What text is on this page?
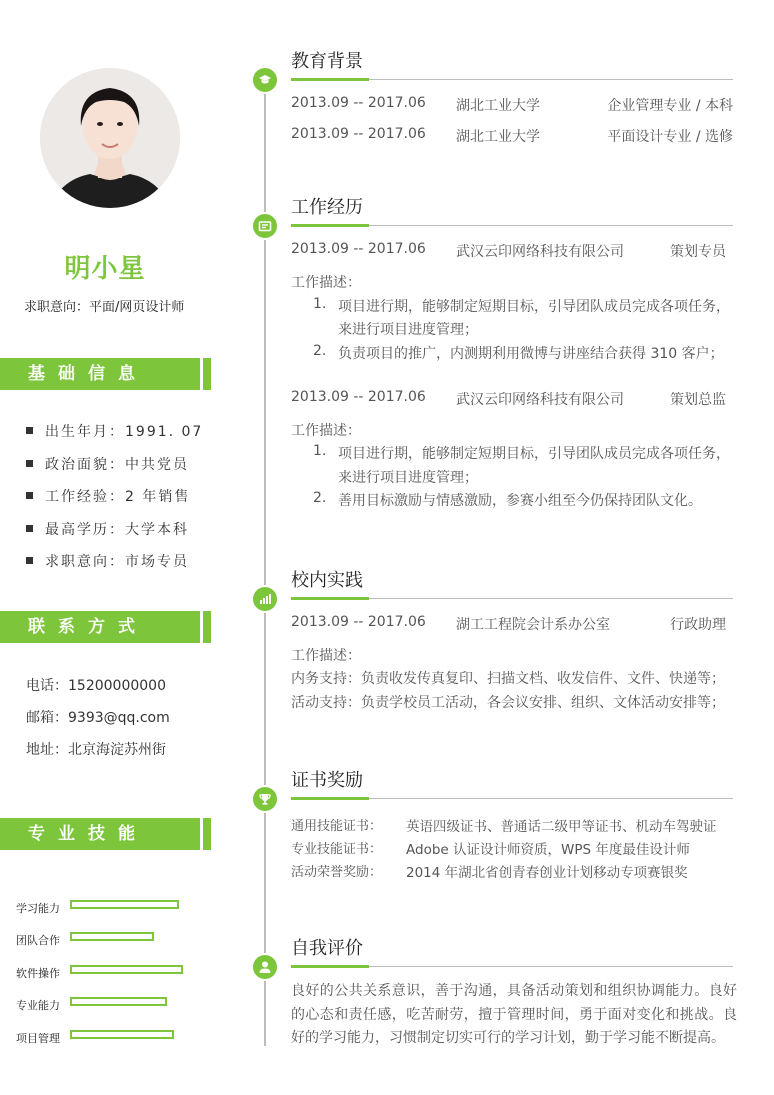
明小星
求职意向：平面/网页设计师
基础信息
出生年月：1991. 07
政治面貌：中共党员
工作经验：2 年销售
最高学历：大学本科
求职意向：市场专员
联系方式
电话：15200000000
邮箱：9393@qq.com
地址：北京海淀苏州街
专业技能
学习能力
团队合作
软件操作
专业能力
项目管理
教育背景
2013.09 -- 2017.06 湖北工业大学	企业管理专业 / 本科
2013.09 -- 2017.06 湖北工业大学	平面设计专业 / 选修
工作经历
2013.09 -- 2017.06 武汉云印网络科技有限公司	策划专员
工作描述：
1. 项目进行期，能够制定短期目标，引导团队成员完成各项任务，
来进行项目进度管理；
2. 负责项目的推广，内测期利用微博与讲座结合获得 310 客户；
2013.09 -- 2017.06 武汉云印网络科技有限公司	策划总监
工作描述：
1. 项目进行期，能够制定短期目标，引导团队成员完成各项任务，
来进行项目进度管理；
2. 善用目标激励与情感激励，参赛小组至今仍保持团队文化。
校内实践
2013.09 -- 2017.06 湖工工程院会计系办公室	行政助理
工作描述：
内务支持：负责收发传真复印、扫描文档、收发信件、文件、快递等；
活动支持：负责学校员工活动，各会议安排、组织、文体活动安排等；
证书奖励
通用技能证书： 英语四级证书、普通话二级甲等证书、机动车驾驶证
专业技能证书： Adobe 认证设计师资质，WPS 年度最佳设计师
活动荣誉奖励： 2014 年湖北省创青春创业计划移动专项赛银奖
自我评价
良好的公共关系意识，善于沟通，具备活动策划和组织协调能力。良好的心态和责任感，吃苦耐劳，擅于管理时间，勇于面对变化和挑战。良好的学习能力，习惯制定切实可行的学习计划，勤于学习能不断提高。
